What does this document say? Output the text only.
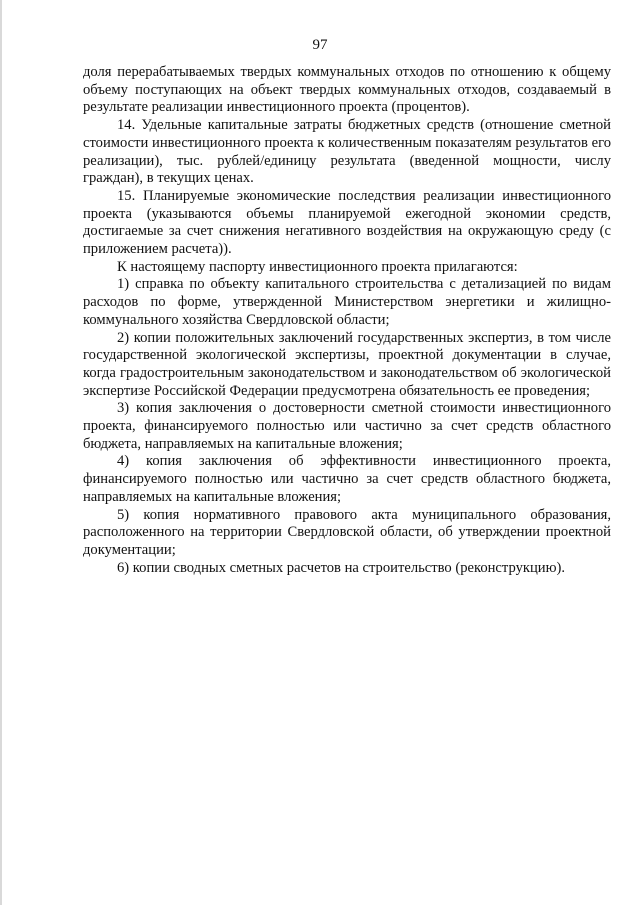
97

доля перерабатываемых твердых коммунальных отходов по отношению к общему объему поступающих на объект твердых коммунальных отходов, создаваемый в результате реализации инвестиционного проекта (процентов).

14. Удельные капитальные затраты бюджетных средств (отношение сметной стоимости инвестиционного проекта к количественным показателям результатов его реализации), тыс. рублей/единицу результата (введенной мощности, числу граждан), в текущих ценах.

15. Планируемые экономические последствия реализации инвестиционного проекта (указываются объемы планируемой ежегодной экономии средств, достигаемые за счет снижения негативного воздействия на окружающую среду (с приложением расчета)).

К настоящему паспорту инвестиционного проекта прилагаются:

1) справка по объекту капитального строительства с детализацией по видам расходов по форме, утвержденной Министерством энергетики и жилищно-коммунального хозяйства Свердловской области;

2) копии положительных заключений государственных экспертиз, в том числе государственной экологической экспертизы, проектной документации в случае, когда градостроительным законодательством и законодательством об экологической экспертизе Российской Федерации предусмотрена обязательность ее проведения;

3) копия заключения о достоверности сметной стоимости инвестиционного проекта, финансируемого полностью или частично за счет средств областного бюджета, направляемых на капитальные вложения;

4) копия заключения об эффективности инвестиционного проекта, финансируемого полностью или частично за счет средств областного бюджета, направляемых на капитальные вложения;

5) копия нормативного правового акта муниципального образования, расположенного на территории Свердловской области, об утверждении проектной документации;

6) копии сводных сметных расчетов на строительство (реконструкцию).
